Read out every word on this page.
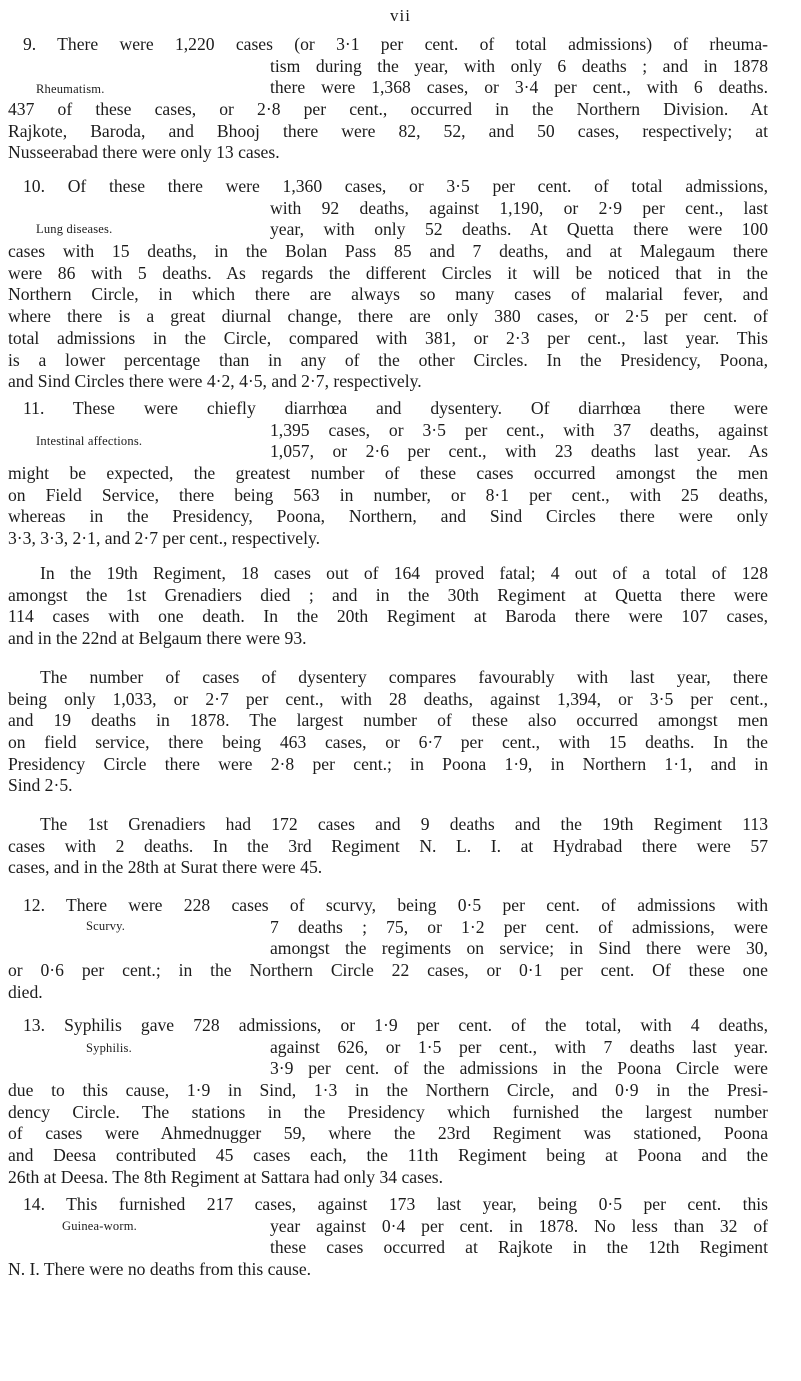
vii
9. There were 1,220 cases (or 3·1 per cent. of total admissions) of rheuma-
tism during the year, with only 6 deaths ; and in 1878
there were 1,368 cases, or 3·4 per cent., with 6 deaths.
437 of these cases, or 2·8 per cent., occurred in the Northern Division. At
Rajkote, Baroda, and Bhooj there were 82, 52, and 50 cases, respectively; at
Nusseerabad there were only 13 cases.
Rheumatism.
10. Of these there were 1,360 cases, or 3·5 per cent. of total admissions,
with 92 deaths, against 1,190, or 2·9 per cent., last
year, with only 52 deaths. At Quetta there were 100
cases with 15 deaths, in the Bolan Pass 85 and 7 deaths, and at Malegaum there
were 86 with 5 deaths. As regards the different Circles it will be noticed that in the
Northern Circle, in which there are always so many cases of malarial fever, and
where there is a great diurnal change, there are only 380 cases, or 2·5 per cent. of
total admissions in the Circle, compared with 381, or 2·3 per cent., last year. This
is a lower percentage than in any of the other Circles. In the Presidency, Poona,
and Sind Circles there were 4·2, 4·5, and 2·7, respectively.
Lung diseases.
11. These were chiefly diarrhœa and dysentery. Of diarrhœa there were
1,395 cases, or 3·5 per cent., with 37 deaths, against
1,057, or 2·6 per cent., with 23 deaths last year. As
might be expected, the greatest number of these cases occurred amongst the men
on Field Service, there being 563 in number, or 8·1 per cent., with 25 deaths,
whereas in the Presidency, Poona, Northern, and Sind Circles there were only
3·3, 3·3, 2·1, and 2·7 per cent., respectively.
Intestinal affections.
In the 19th Regiment, 18 cases out of 164 proved fatal; 4 out of a total of 128
amongst the 1st Grenadiers died ; and in the 30th Regiment at Quetta there were
114 cases with one death. In the 20th Regiment at Baroda there were 107 cases,
and in the 22nd at Belgaum there were 93.
The number of cases of dysentery compares favourably with last year, there
being only 1,033, or 2·7 per cent., with 28 deaths, against 1,394, or 3·5 per cent.,
and 19 deaths in 1878. The largest number of these also occurred amongst men
on field service, there being 463 cases, or 6·7 per cent., with 15 deaths. In the
Presidency Circle there were 2·8 per cent.; in Poona 1·9, in Northern 1·1, and in
Sind 2·5.
The 1st Grenadiers had 172 cases and 9 deaths and the 19th Regiment 113
cases with 2 deaths. In the 3rd Regiment N. L. I. at Hydrabad there were 57
cases, and in the 28th at Surat there were 45.
12. There were 228 cases of scurvy, being 0·5 per cent. of admissions with
7 deaths ; 75, or 1·2 per cent. of admissions, were
amongst the regiments on service; in Sind there were 30,
or 0·6 per cent.; in the Northern Circle 22 cases, or 0·1 per cent. Of these one
died.
Scurvy.
13. Syphilis gave 728 admissions, or 1·9 per cent. of the total, with 4 deaths,
against 626, or 1·5 per cent., with 7 deaths last year.
3·9 per cent. of the admissions in the Poona Circle were
due to this cause, 1·9 in Sind, 1·3 in the Northern Circle, and 0·9 in the Presi-
dency Circle. The stations in the Presidency which furnished the largest number
of cases were Ahmednugger 59, where the 23rd Regiment was stationed, Poona
and Deesa contributed 45 cases each, the 11th Regiment being at Poona and the
26th at Deesa. The 8th Regiment at Sattara had only 34 cases.
Syphilis.
14. This furnished 217 cases, against 173 last year, being 0·5 per cent. this
year against 0·4 per cent. in 1878. No less than 32 of
these cases occurred at Rajkote in the 12th Regiment
N. I. There were no deaths from this cause.
Guinea-worm.
